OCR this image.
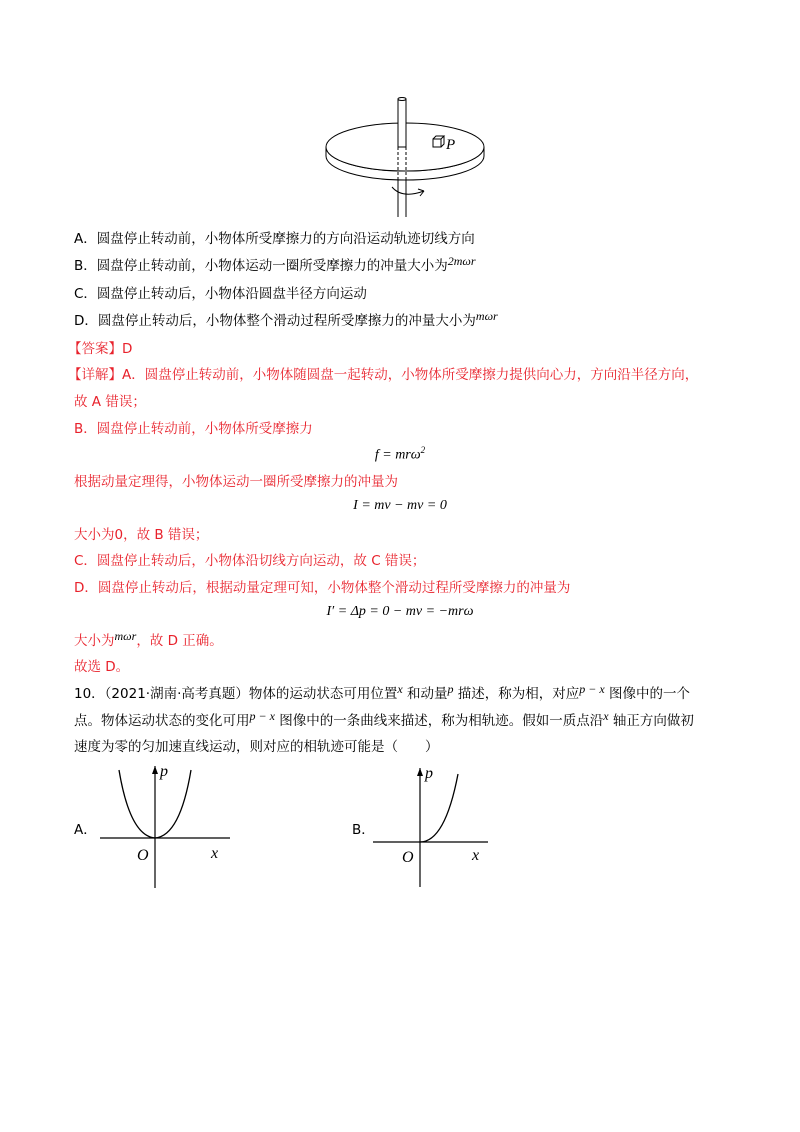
P
A．圆盘停止转动前，小物体所受摩擦力的方向沿运动轨迹切线方向
B．圆盘停止转动前，小物体运动一圈所受摩擦力的冲量大小为2mωr
C．圆盘停止转动后，小物体沿圆盘半径方向运动
D．圆盘停止转动后，小物体整个滑动过程所受摩擦力的冲量大小为mωr
【答案】D
【详解】A．圆盘停止转动前，小物体随圆盘一起转动，小物体所受摩擦力提供向心力，方向沿半径方向，
故 A 错误；
B．圆盘停止转动前，小物体所受摩擦力
f = mrω$^2$
根据动量定理得，小物体运动一圈所受摩擦力的冲量为
I = mv − mv = 0
大小为0，故 B 错误；
C．圆盘停止转动后，小物体沿切线方向运动，故 C 错误；
D．圆盘停止转动后，根据动量定理可知，小物体整个滑动过程所受摩擦力的冲量为
I′ = Δp = 0 − mv = −mrω
大小为mωr，故 D 正确。
故选 D。
10．（2021·湖南·高考真题）物体的运动状态可用位置x 和动量p 描述，称为相，对应p − x 图像中的一个
点。物体运动状态的变化可用p − x 图像中的一条曲线来描述，称为相轨迹。假如一质点沿x 轴正方向做初
速度为零的匀加速直线运动，则对应的相轨迹可能是（　　）
A．
p
O	x
B．
p
O	x
